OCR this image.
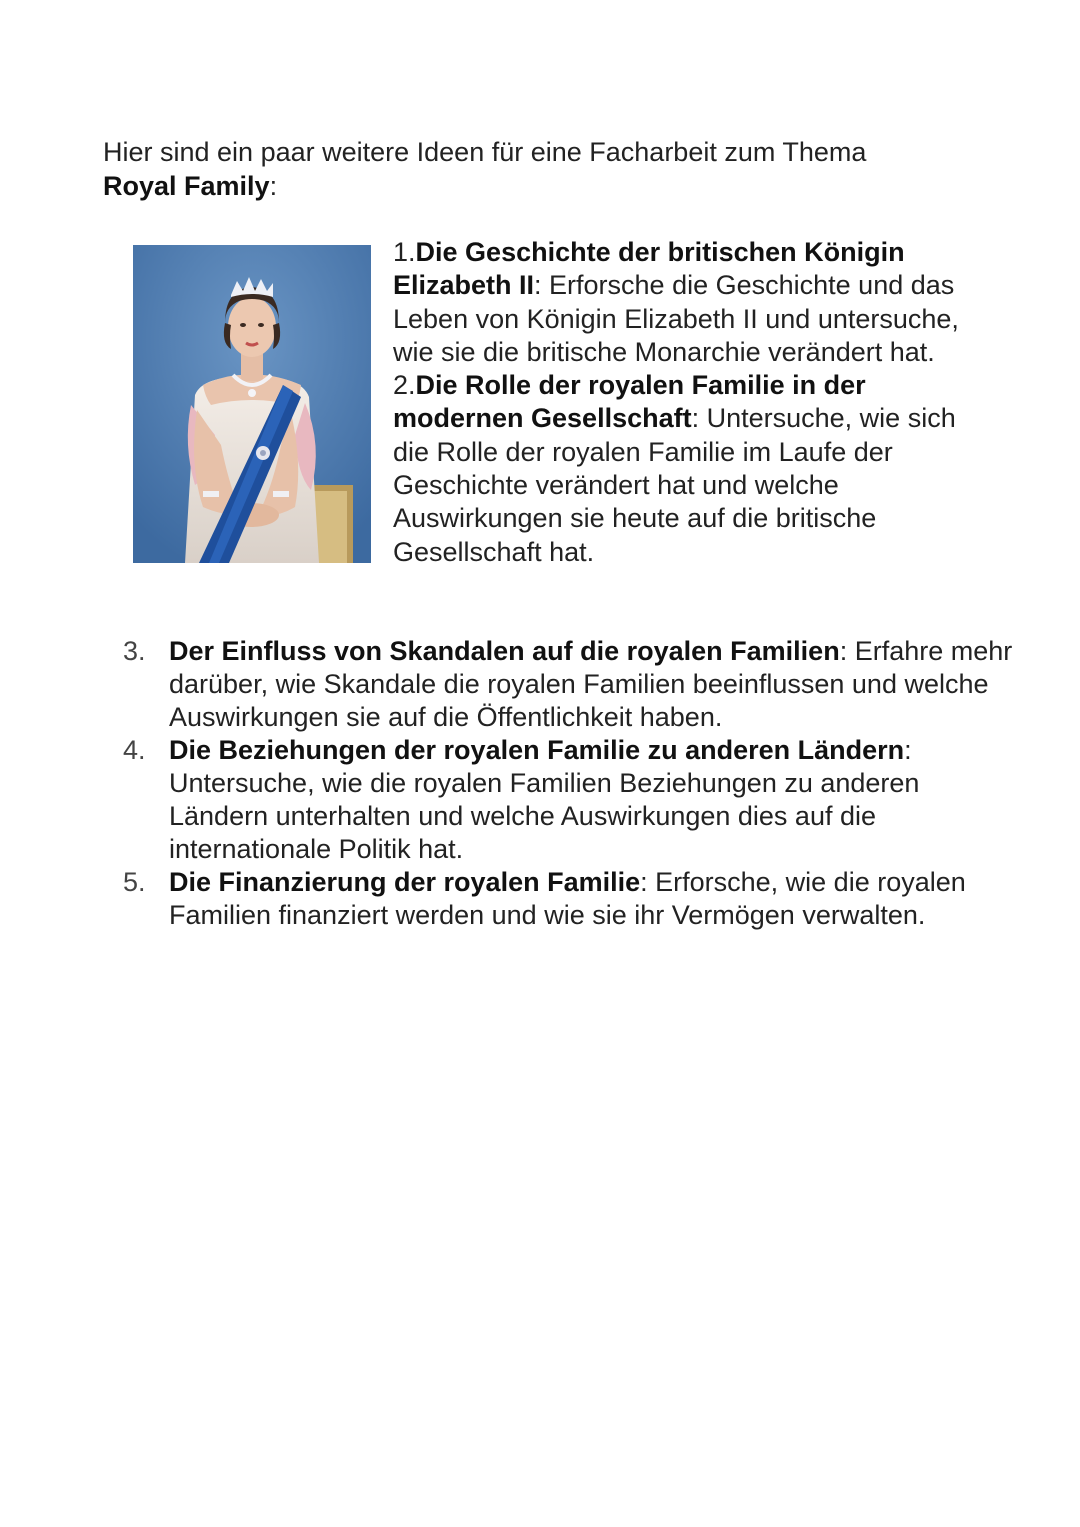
Hier sind ein paar weitere Ideen für eine Facharbeit zum Thema
Royal Family:

1.Die Geschichte der britischen Königin Elizabeth II: Erforsche die Geschichte und das Leben von Königin Elizabeth II und untersuche, wie sie die britische Monarchie verändert hat.

2.Die Rolle der royalen Familie in der modernen Gesellschaft: Untersuche, wie sich die Rolle der royalen Familie im Laufe der Geschichte verändert hat und welche Auswirkungen sie heute auf die britische Gesellschaft hat.

3. Der Einfluss von Skandalen auf die royalen Familien: Erfahre mehr darüber, wie Skandale die royalen Familien beeinflussen und welche Auswirkungen sie auf die Öffentlichkeit haben.
4. Die Beziehungen der royalen Familie zu anderen Ländern: Untersuche, wie die royalen Familien Beziehungen zu anderen Ländern unterhalten und welche Auswirkungen dies auf die internationale Politik hat.
5. Die Finanzierung der royalen Familie: Erforsche, wie die royalen Familien finanziert werden und wie sie ihr Vermögen verwalten.
